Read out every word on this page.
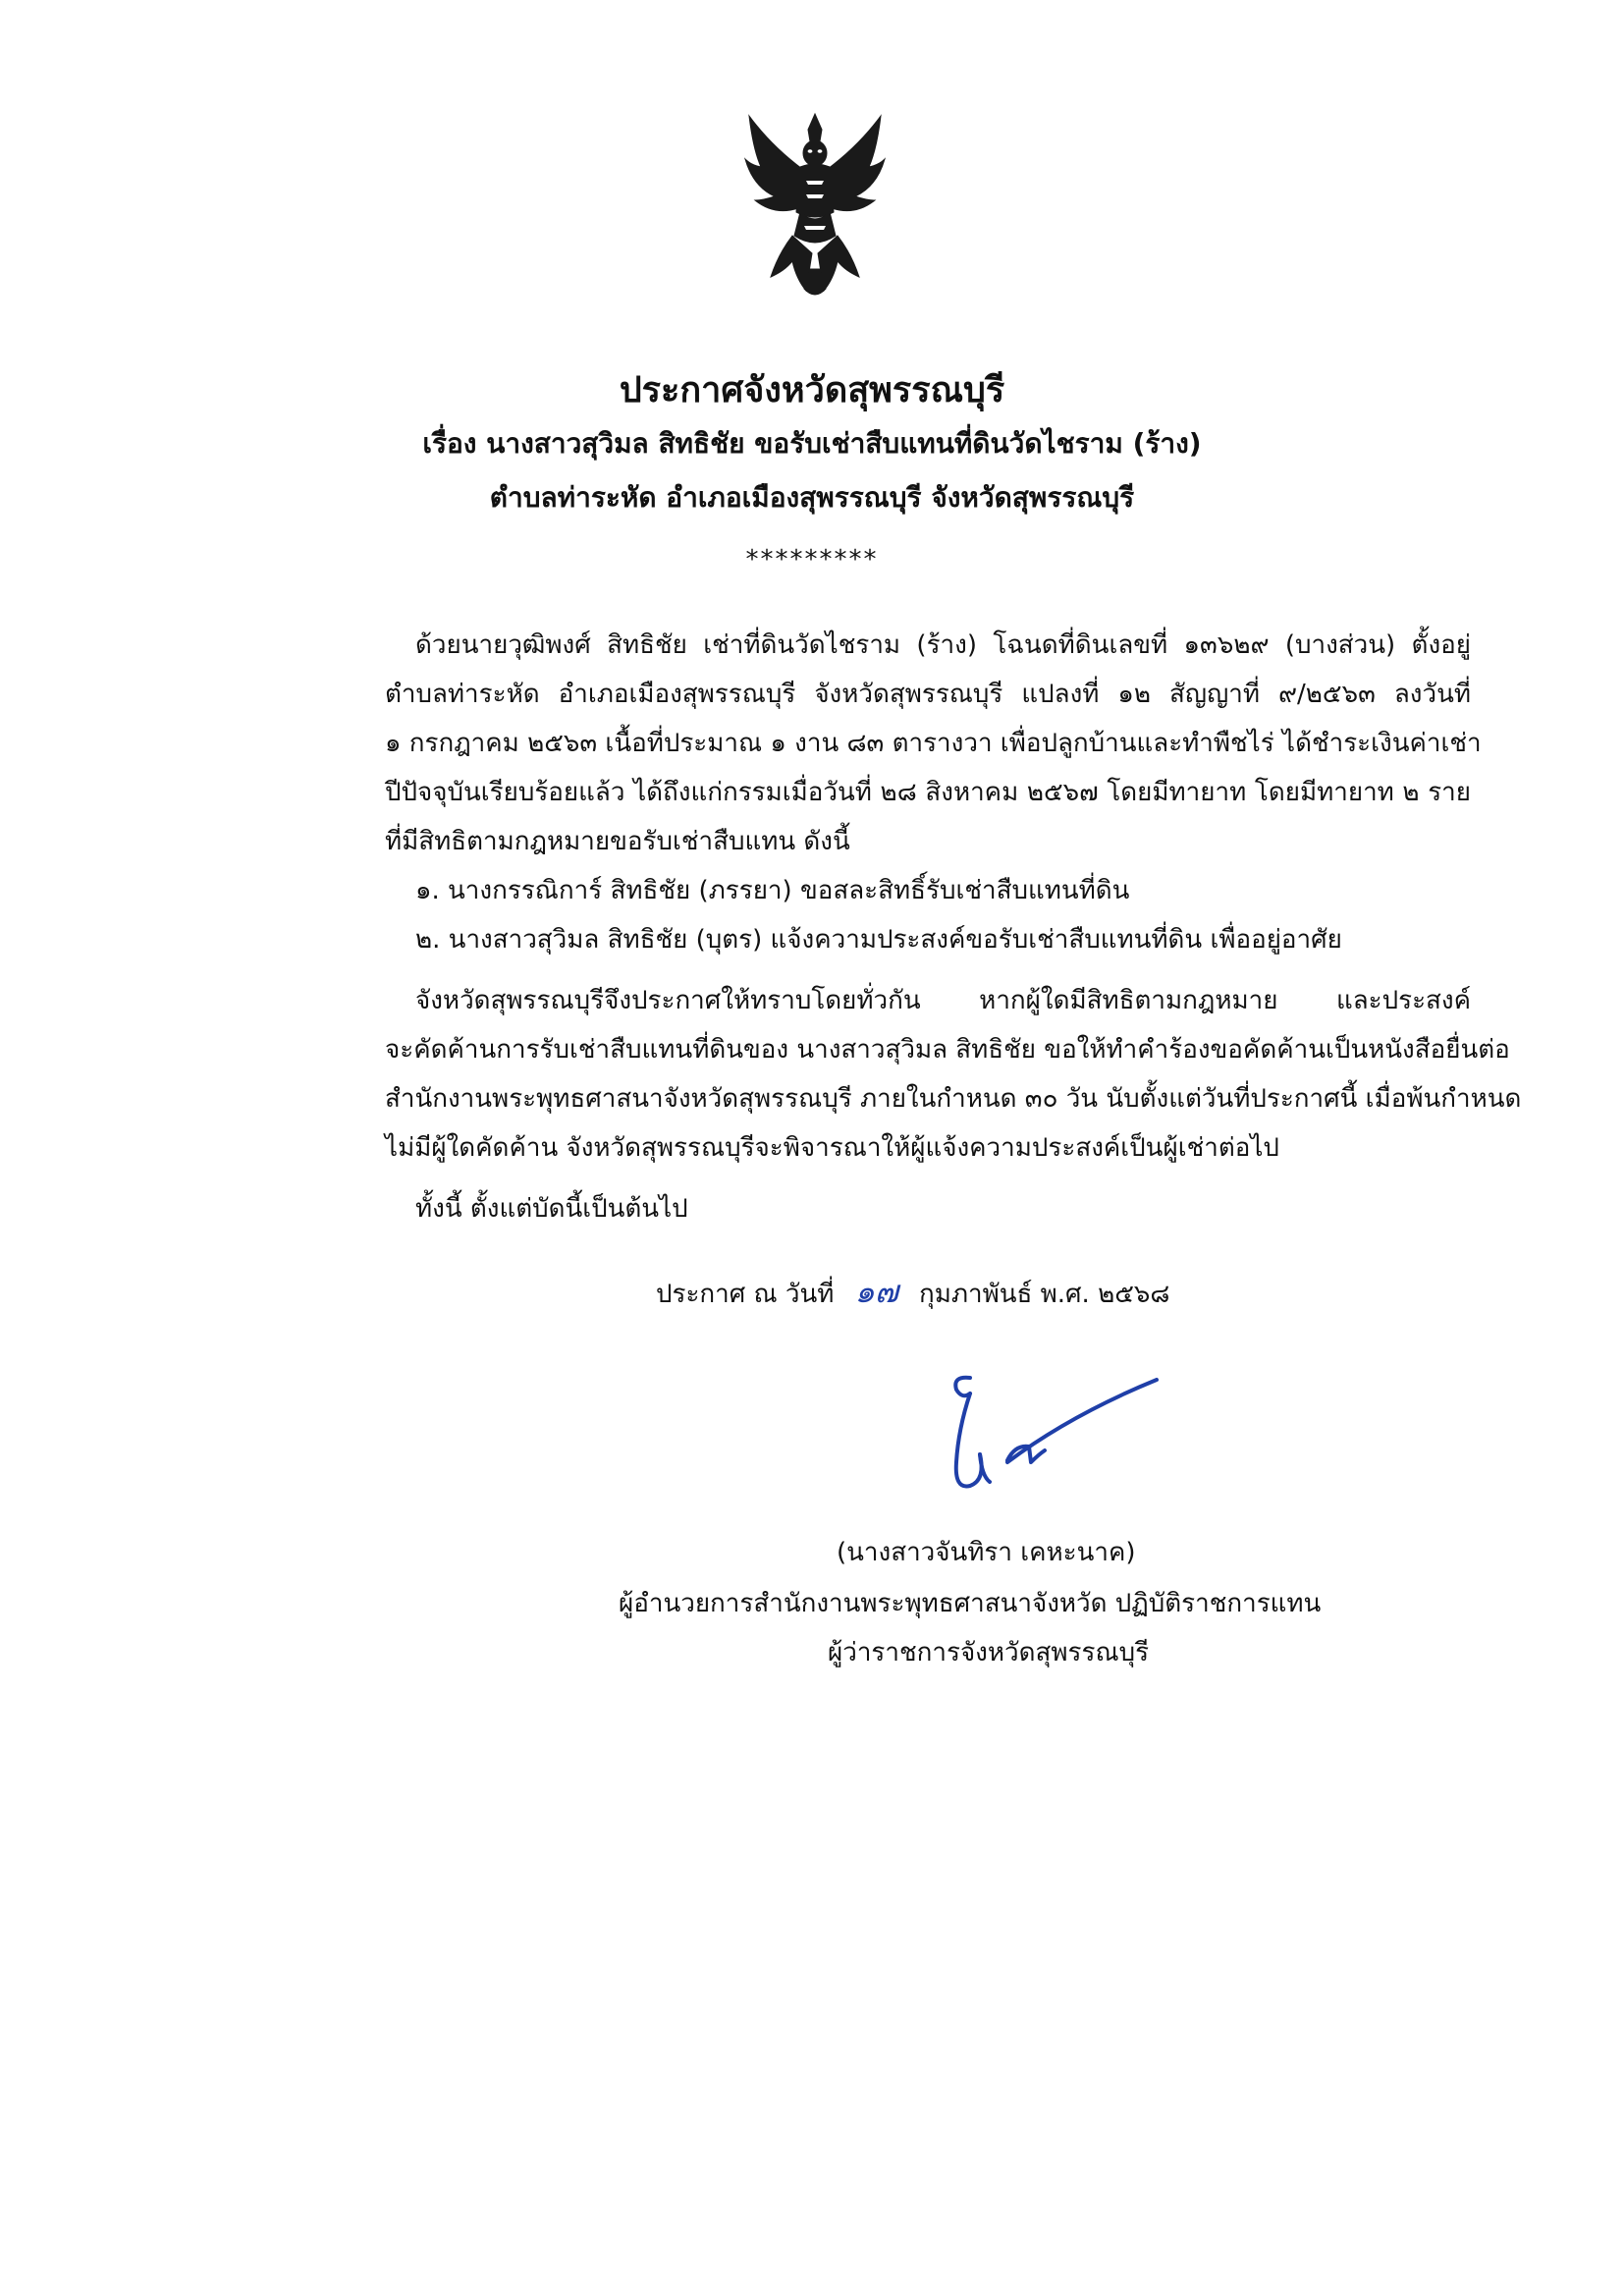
ประกาศจังหวัดสุพรรณบุรี
เรื่อง นางสาวสุวิมล สิทธิชัย ขอรับเช่าสืบแทนที่ดินวัดไชราม (ร้าง)
ตำบลท่าระหัด อำเภอเมืองสุพรรณบุรี จังหวัดสุพรรณบุรี
*********
ด้วยนายวุฒิพงศ์ สิทธิชัย เช่าที่ดินวัดไชราม (ร้าง) โฉนดที่ดินเลขที่ ๑๓๖๒๙ (บางส่วน) ตั้งอยู่
ตำบลท่าระหัด อำเภอเมืองสุพรรณบุรี จังหวัดสุพรรณบุรี แปลงที่ ๑๒ สัญญาที่ ๙/๒๕๖๓ ลงวันที่
๑ กรกฎาคม ๒๕๖๓ เนื้อที่ประมาณ ๑ งาน ๘๓ ตารางวา เพื่อปลูกบ้านและทำพืชไร่ ได้ชำระเงินค่าเช่า
ปีปัจจุบันเรียบร้อยแล้ว ได้ถึงแก่กรรมเมื่อวันที่ ๒๘ สิงหาคม ๒๕๖๗ โดยมีทายาท โดยมีทายาท ๒ ราย
ที่มีสิทธิตามกฎหมายขอรับเช่าสืบแทน ดังนี้
๑. นางกรรณิการ์ สิทธิชัย (ภรรยา) ขอสละสิทธิ์รับเช่าสืบแทนที่ดิน
๒. นางสาวสุวิมล สิทธิชัย (บุตร) แจ้งความประสงค์ขอรับเช่าสืบแทนที่ดิน เพื่ออยู่อาศัย
จังหวัดสุพรรณบุรีจึงประกาศให้ทราบโดยทั่วกัน หากผู้ใดมีสิทธิตามกฎหมาย และประสงค์
จะคัดค้านการรับเช่าสืบแทนที่ดินของ นางสาวสุวิมล สิทธิชัย ขอให้ทำคำร้องขอคัดค้านเป็นหนังสือยื่นต่อ
สำนักงานพระพุทธศาสนาจังหวัดสุพรรณบุรี ภายในกำหนด ๓๐ วัน นับตั้งแต่วันที่ประกาศนี้ เมื่อพ้นกำหนด
ไม่มีผู้ใดคัดค้าน จังหวัดสุพรรณบุรีจะพิจารณาให้ผู้แจ้งความประสงค์เป็นผู้เช่าต่อไป
ทั้งนี้ ตั้งแต่บัดนี้เป็นต้นไป
ประกาศ ณ วันที่ ๑๗ กุมภาพันธ์ พ.ศ. ๒๕๖๘
(นางสาวจันทิรา เคหะนาค)
ผู้อำนวยการสำนักงานพระพุทธศาสนาจังหวัด ปฏิบัติราชการแทน
ผู้ว่าราชการจังหวัดสุพรรณบุรี
